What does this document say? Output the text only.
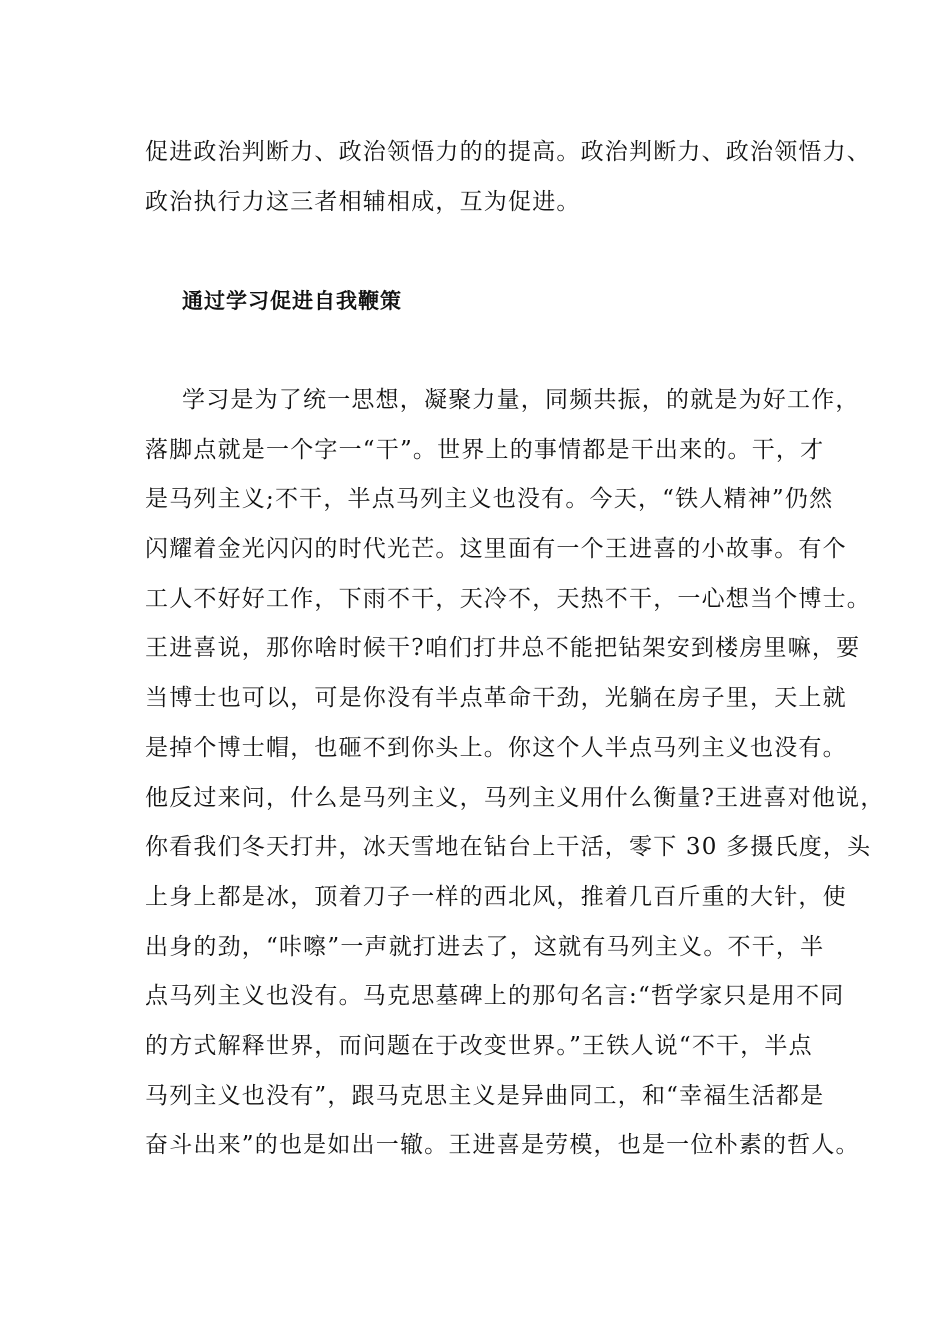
促进政治判断力、政治领悟力的的提高。政治判断力、政治领悟力、
政治执行力这三者相辅相成，互为促进。
通过学习促进自我鞭策
学习是为了统一思想，凝聚力量，同频共振，的就是为好工作，
落脚点就是一个字一“干”。世界上的事情都是干出来的。干，才
是马列主义;不干，半点马列主义也没有。今天，“铁人精神”仍然
闪耀着金光闪闪的时代光芒。这里面有一个王进喜的小故事。有个
工人不好好工作，下雨不干，天冷不，天热不干，一心想当个博士。
王进喜说，那你啥时候干?咱们打井总不能把钻架安到楼房里嘛，要
当博士也可以，可是你没有半点革命干劲，光躺在房子里，天上就
是掉个博士帽，也砸不到你头上。你这个人半点马列主义也没有。
他反过来问，什么是马列主义，马列主义用什么衡量?王进喜对他说，
你看我们冬天打井，冰天雪地在钻台上干活，零下 30 多摄氏度，头
上身上都是冰，顶着刀子一样的西北风，推着几百斤重的大针，使
出身的劲，“咔嚓”一声就打进去了，这就有马列主义。不干，半
点马列主义也没有。马克思墓碑上的那句名言:“哲学家只是用不同
的方式解释世界，而问题在于改变世界。”王铁人说“不干，半点
马列主义也没有”，跟马克思主义是异曲同工，和“幸福生活都是
奋斗出来”的也是如出一辙。王进喜是劳模，也是一位朴素的哲人。
